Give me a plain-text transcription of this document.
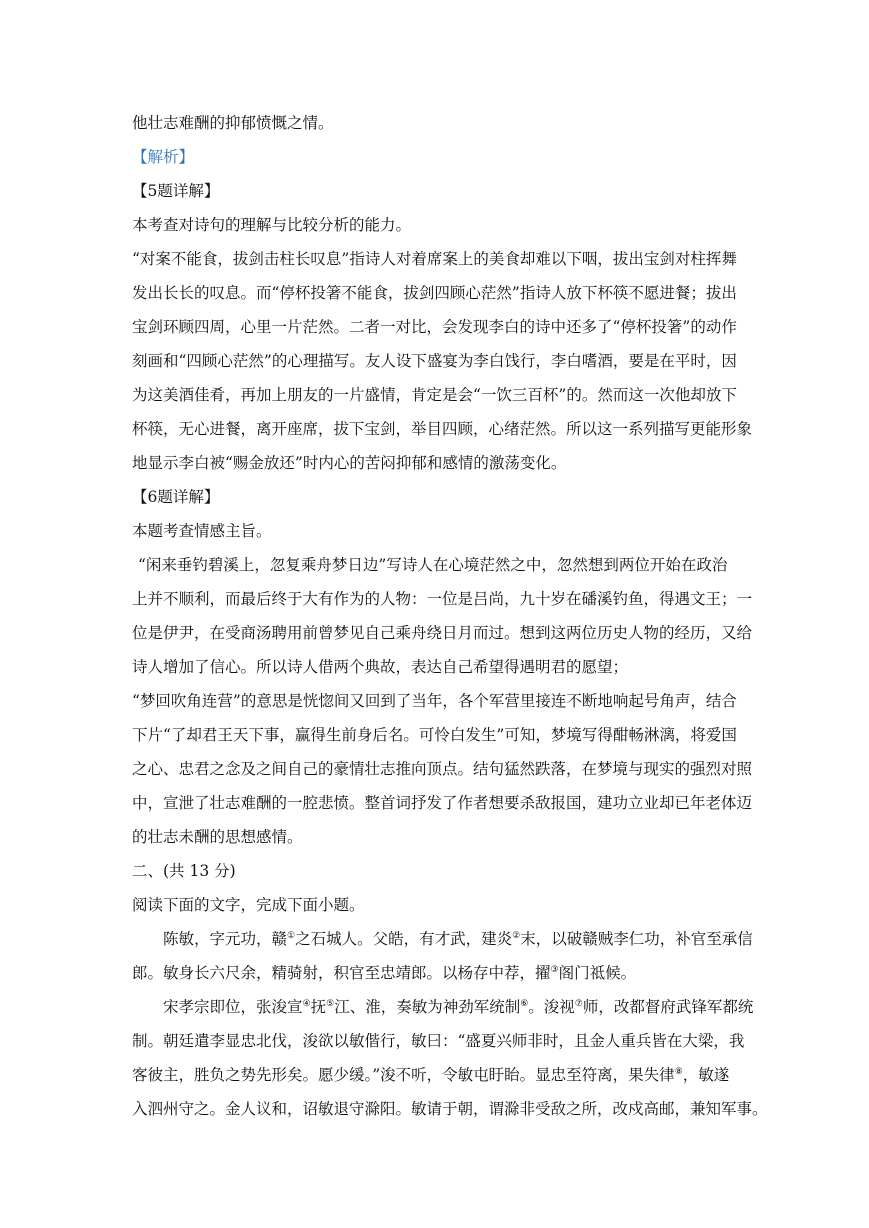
他壮志难酬的抑郁愤慨之情。
【解析】
【5题详解】
本考查对诗句的理解与比较分析的能力。
“对案不能食，拔剑击柱长叹息”指诗人对着席案上的美食却难以下咽，拔出宝剑对柱挥舞
发出长长的叹息。而“停杯投箸不能食，拔剑四顾心茫然”指诗人放下杯筷不愿进餐；拔出
宝剑环顾四周，心里一片茫然。二者一对比，会发现李白的诗中还多了“停杯投箸”的动作
刻画和“四顾心茫然”的心理描写。友人设下盛宴为李白饯行，李白嗜酒，要是在平时，因
为这美酒佳肴，再加上朋友的一片盛情，肯定是会“一饮三百杯”的。然而这一次他却放下
杯筷，无心进餐，离开座席，拔下宝剑，举目四顾，心绪茫然。所以这一系列描写更能形象
地显示李白被“赐金放还”时内心的苦闷抑郁和感情的激荡变化。
【6题详解】
本题考查情感主旨。
“闲来垂钓碧溪上，忽复乘舟梦日边”写诗人在心境茫然之中，忽然想到两位开始在政治
上并不顺利，而最后终于大有作为的人物：一位是吕尚，九十岁在磻溪钓鱼，得遇文王；一
位是伊尹，在受商汤聘用前曾梦见自己乘舟绕日月而过。想到这两位历史人物的经历，又给
诗人增加了信心。所以诗人借两个典故，表达自己希望得遇明君的愿望；
“梦回吹角连营”的意思是恍惚间又回到了当年，各个军营里接连不断地响起号角声，结合
下片“了却君王天下事，赢得生前身后名。可怜白发生”可知，梦境写得酣畅淋漓，将爱国
之心、忠君之念及之间自己的豪情壮志推向顶点。结句猛然跌落，在梦境与现实的强烈对照
中，宣泄了壮志难酬的一腔悲愤。整首词抒发了作者想要杀敌报国，建功立业却已年老体迈
的壮志未酬的思想感情。
二、(共 13 分)
阅读下面的文字，完成下面小题。
陈敏，字元功，赣①之石城人。父皓，有才武，建炎②末，以破赣贼李仁功，补官至承信
郎。敏身长六尺余，精骑射，积官至忠靖郎。以杨存中荐，擢③阁门祗候。
宋孝宗即位，张浚宣④抚⑤江、淮，奏敏为神劲军统制⑥。浚视⑦师，改都督府武锋军都统
制。朝廷遣李显忠北伐，浚欲以敏偕行，敏曰：“盛夏兴师非时，且金人重兵皆在大梁，我
客彼主，胜负之势先形矣。愿少缓。”浚不听，令敏屯盱眙。显忠至符离，果失律⑧，敏遂
入泗州守之。金人议和，诏敏退守滁阳。敏请于朝，谓滁非受敌之所，改戍高邮，兼知军事。
